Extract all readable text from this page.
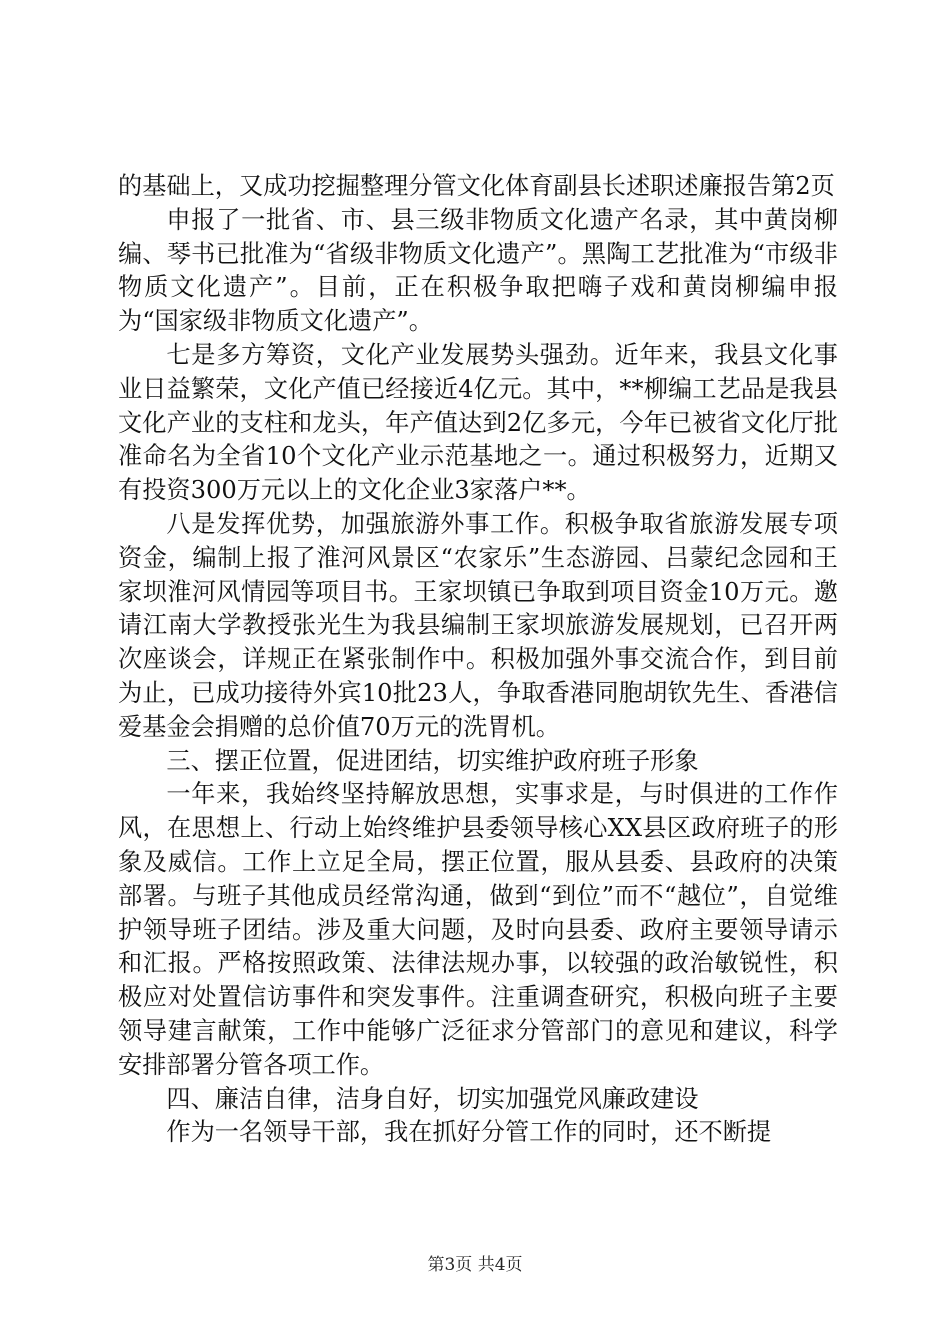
的基础上，又成功挖掘整理分管文化体育副县长述职述廉报告第2页

申报了一批省、市、县三级非物质文化遗产名录，其中黄岗柳编、琴书已批准为“省级非物质文化遗产”。黑陶工艺批准为“市级非物质文化遗产”。目前，正在积极争取把嗨子戏和黄岗柳编申报为“国家级非物质文化遗产”。

七是多方筹资，文化产业发展势头强劲。近年来，我县文化事业日益繁荣，文化产值已经接近4亿元。其中，**柳编工艺品是我县文化产业的支柱和龙头，年产值达到2亿多元，今年已被省文化厅批准命名为全省10个文化产业示范基地之一。通过积极努力，近期又有投资300万元以上的文化企业3家落户**。

八是发挥优势，加强旅游外事工作。积极争取省旅游发展专项资金，编制上报了淮河风景区“农家乐”生态游园、吕蒙纪念园和王家坝淮河风情园等项目书。王家坝镇已争取到项目资金10万元。邀请江南大学教授张光生为我县编制王家坝旅游发展规划，已召开两次座谈会，详规正在紧张制作中。积极加强外事交流合作，到目前为止，已成功接待外宾10批23人，争取香港同胞胡钦先生、香港信爱基金会捐赠的总价值70万元的洗胃机。

三、摆正位置，促进团结，切实维护政府班子形象

一年来，我始终坚持解放思想，实事求是，与时俱进的工作作风，在思想上、行动上始终维护县委领导核心XX县区政府班子的形象及威信。工作上立足全局，摆正位置，服从县委、县政府的决策部署。与班子其他成员经常沟通，做到“到位”而不“越位”，自觉维护领导班子团结。涉及重大问题，及时向县委、政府主要领导请示和汇报。严格按照政策、法律法规办事，以较强的政治敏锐性，积极应对处置信访事件和突发事件。注重调查研究，积极向班子主要领导建言献策，工作中能够广泛征求分管部门的意见和建议，科学安排部署分管各项工作。

四、廉洁自律，洁身自好，切实加强党风廉政建设

作为一名领导干部，我在抓好分管工作的同时，还不断提

第3页 共4页
